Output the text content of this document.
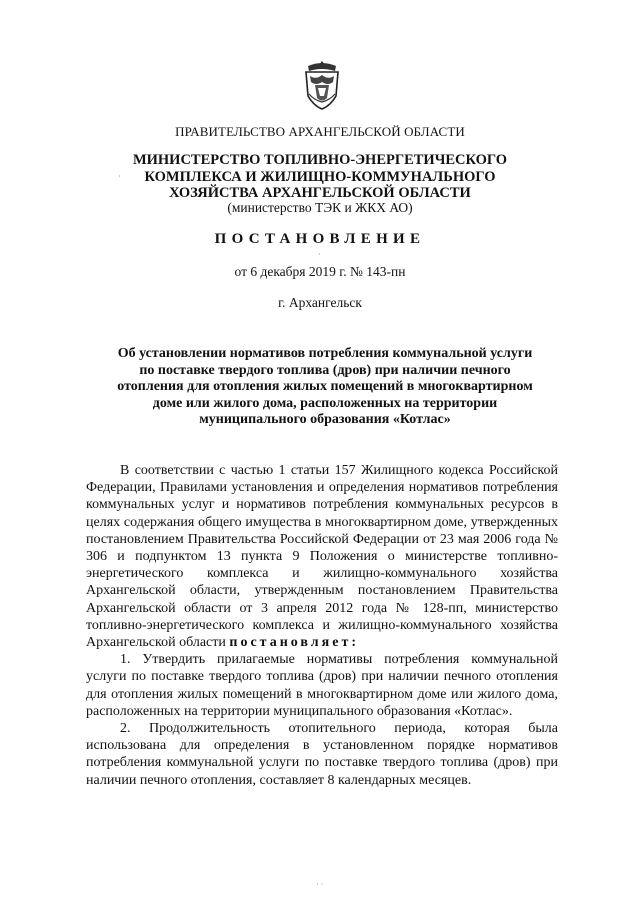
ПРАВИТЕЛЬСТВО АРХАНГЕЛЬСКОЙ ОБЛАСТИ
МИНИСТЕРСТВО ТОПЛИВНО-ЭНЕРГЕТИЧЕСКОГО
КОМПЛЕКСА И ЖИЛИЩНО-КОММУНАЛЬНОГО
ХОЗЯЙСТВА АРХАНГЕЛЬСКОЙ ОБЛАСТИ
(министерство ТЭК и ЖКХ АО)
ПОСТАНОВЛЕНИЕ
от 6 декабря 2019 г. № 143-пн
г. Архангельск
Об установлении нормативов потребления коммунальной услуги
по поставке твердого топлива (дров) при наличии печного
отопления для отопления жилых помещений в многоквартирном
доме или жилого дома, расположенных на территории
муниципального образования «Котлас»

В соответствии с частью 1 статьи 157 Жилищного кодекса Российской Федерации, Правилами установления и определения нормативов потребления коммунальных услуг и нормативов потребления коммунальных ресурсов в целях содержания общего имущества в многоквартирном доме, утвержденных постановлением Правительства Российской Федерации от 23 мая 2006 года № 306 и подпунктом 13 пункта 9 Положения о министерстве топливно-энергетического комплекса и жилищно-коммунального хозяйства Архангельской области, утвержденным постановлением Правительства Архангельской области от 3 апреля 2012 года № 128-пп, министерство топливно-энергетического комплекса и жилищно-коммунального хозяйства Архангельской области постановляет:

1. Утвердить прилагаемые нормативы потребления коммунальной услуги по поставке твердого топлива (дров) при наличии печного отопления для отопления жилых помещений в многоквартирном доме или жилого дома, расположенных на территории муниципального образования «Котлас».

2. Продолжительность отопительного периода, которая была использована для определения в установленном порядке нормативов потребления коммунальной услуги по поставке твердого топлива (дров) при наличии печного отопления, составляет 8 календарных месяцев.

·
·
· ·
